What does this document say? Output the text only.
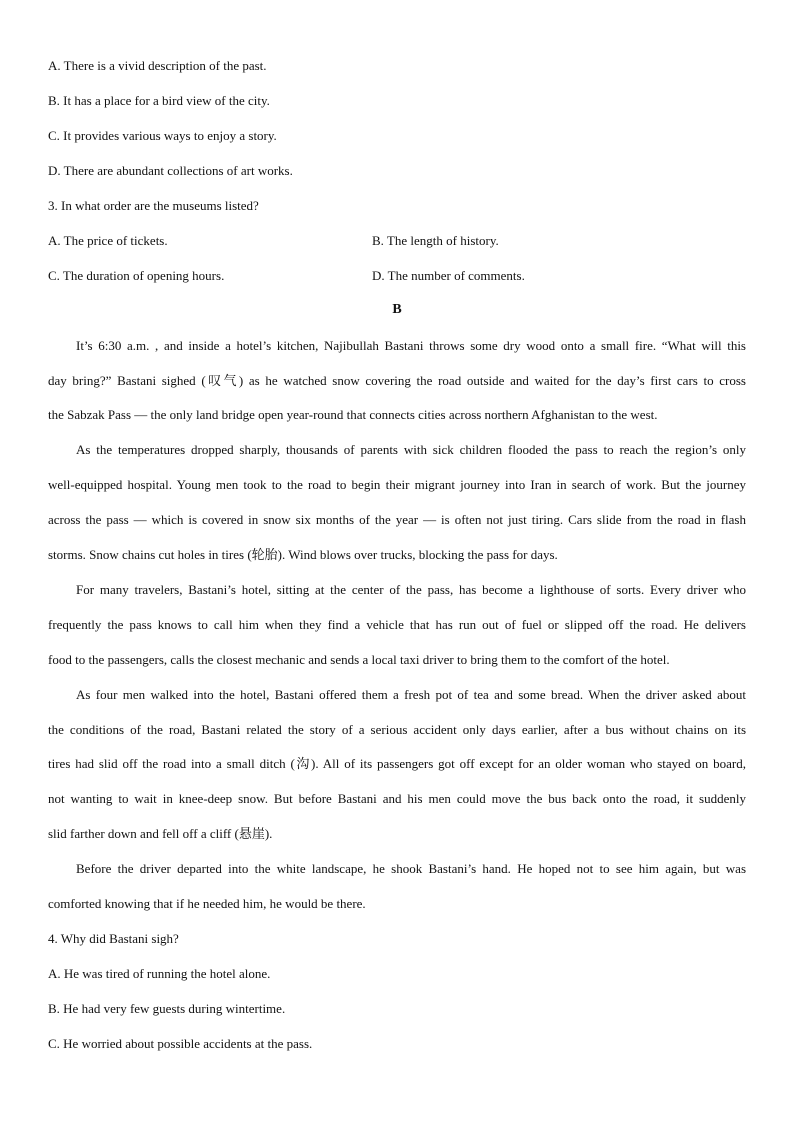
A. There is a vivid description of the past.
B. It has a place for a bird view of the city.
C. It provides various ways to enjoy a story.
D. There are abundant collections of art works.
3. In what order are the museums listed?
A. The price of tickets.	B. The length of history.
C. The duration of opening hours.	D. The number of comments.
B
It’s 6:30 a.m. , and inside a hotel’s kitchen, Najibullah Bastani throws some dry wood onto a small fire. “What will this
day bring?” Bastani sighed (叹气) as he watched snow covering the road outside and waited for the day’s first cars to cross
the Sabzak Pass — the only land bridge open year-round that connects cities across northern Afghanistan to the west.
As the temperatures dropped sharply, thousands of parents with sick children flooded the pass to reach the region’s only
well-equipped hospital. Young men took to the road to begin their migrant journey into Iran in search of work. But the journey
across the pass — which is covered in snow six months of the year — is often not just tiring. Cars slide from the road in flash
storms. Snow chains cut holes in tires (轮胎). Wind blows over trucks, blocking the pass for days.
For many travelers, Bastani’s hotel, sitting at the center of the pass, has become a lighthouse of sorts. Every driver who
frequently the pass knows to call him when they find a vehicle that has run out of fuel or slipped off the road. He delivers
food to the passengers, calls the closest mechanic and sends a local taxi driver to bring them to the comfort of the hotel.
As four men walked into the hotel, Bastani offered them a fresh pot of tea and some bread. When the driver asked about
the conditions of the road, Bastani related the story of a serious accident only days earlier, after a bus without chains on its
tires had slid off the road into a small ditch (沟). All of its passengers got off except for an older woman who stayed on board,
not wanting to wait in knee-deep snow. But before Bastani and his men could move the bus back onto the road, it suddenly
slid farther down and fell off a cliff (悬崖).
Before the driver departed into the white landscape, he shook Bastani’s hand. He hoped not to see him again, but was
comforted knowing that if he needed him, he would be there.
4. Why did Bastani sigh?
A. He was tired of running the hotel alone.
B. He had very few guests during wintertime.
C. He worried about possible accidents at the pass.
